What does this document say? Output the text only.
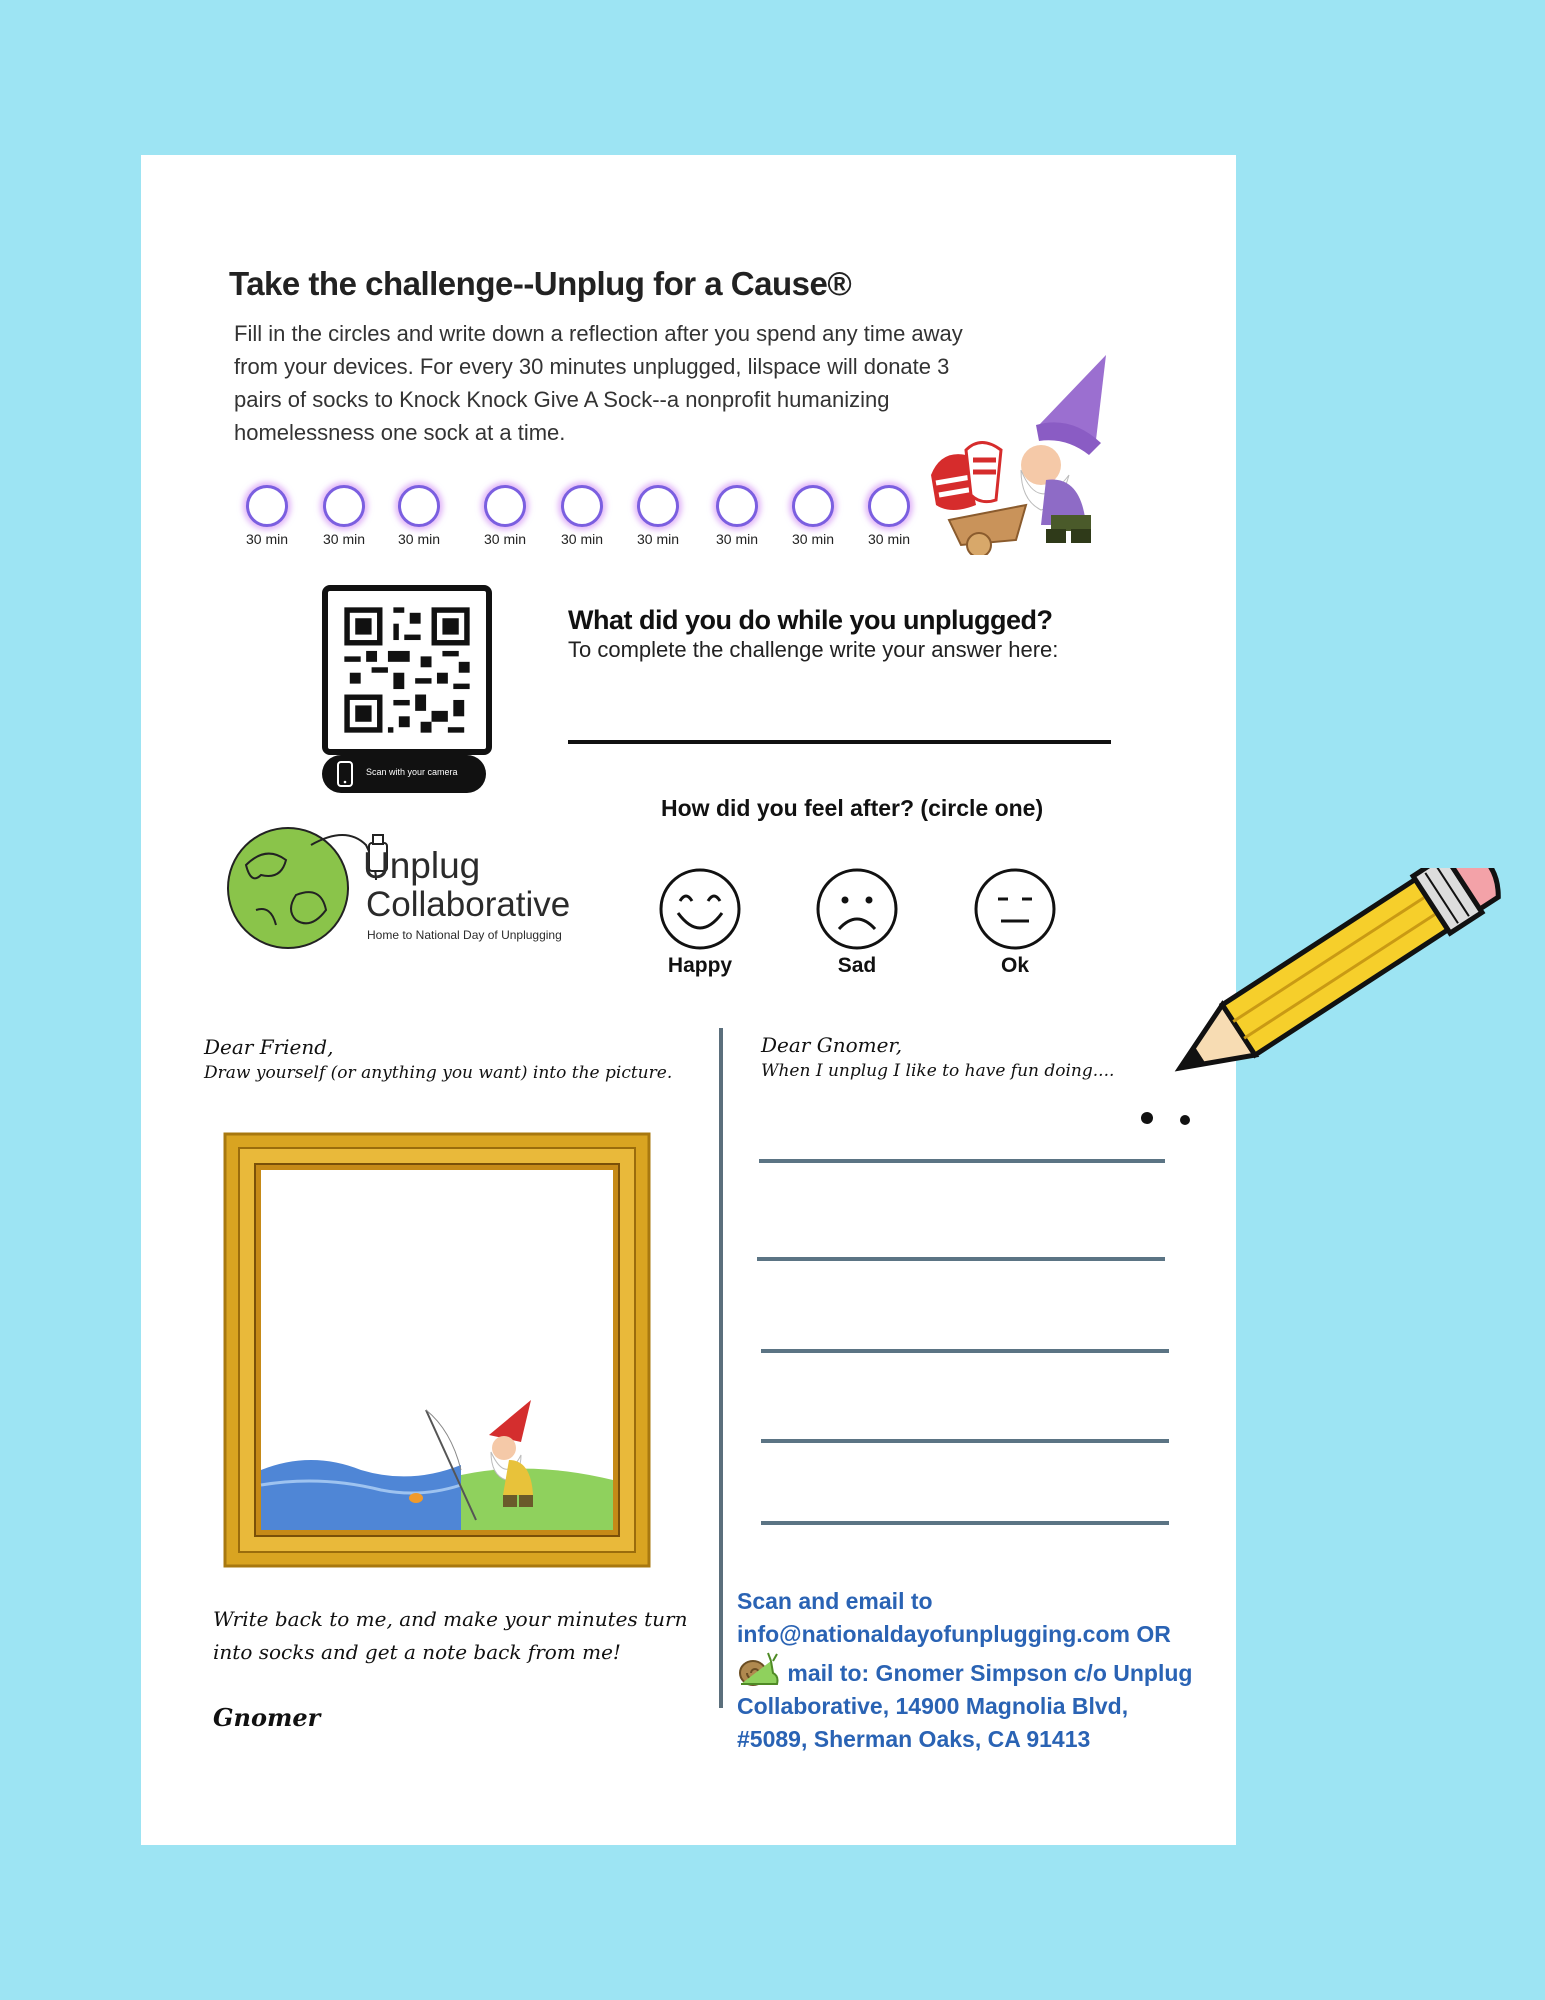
Take the challenge--Unplug for a Cause®
Fill in the circles and write down a reflection after you spend any time away from your devices. For every 30 minutes unplugged, lilspace will donate 3 pairs of socks to Knock Knock Give A Sock--a nonprofit humanizing homelessness one sock at a time.
30 min	30 min	30 min	30 min	30 min	30 min	30 min	30 min	30 min
Scan with your camera
What did you do while you unplugged?
To complete the challenge write your answer here:
Unplug
Collaborative
Home to National Day of Unplugging
How did you feel after? (circle one)
Happy	Sad	Ok
Dear Friend,
Draw yourself (or anything you want) into the picture.
Write back to me, and make your minutes turn into socks and get a note back from me!
Gnomer
Dear Gnomer,
When I unplug I like to have fun doing....
Scan and email to
info@nationaldayofunplugging.com OR
mail to: Gnomer Simpson c/o Unplug
Collaborative, 14900 Magnolia Blvd,
#5089, Sherman Oaks, CA 91413
